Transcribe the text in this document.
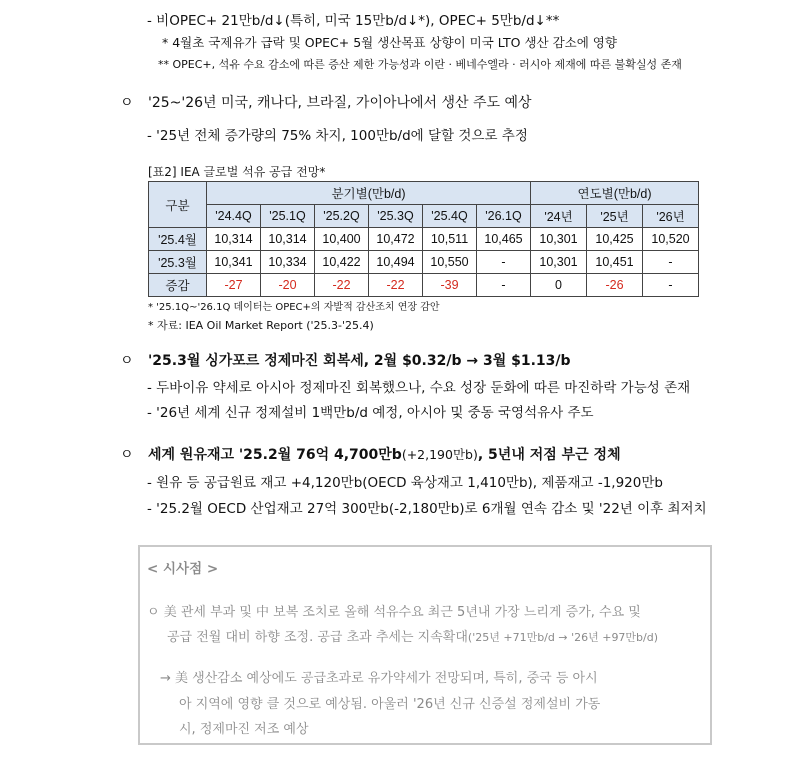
- 비OPEC+ 21만b/d↓(특히, 미국 15만b/d↓*), OPEC+ 5만b/d↓**
* 4월초 국제유가 급락 및 OPEC+ 5월 생산목표 상향이 미국 LTO 생산 감소에 영향
** OPEC+, 석유 수요 감소에 따른 증산 제한 가능성과 이란 · 베네수엘라 · 러시아 제재에 따른 불확실성 존재
ㅇ '25~'26년 미국, 캐나다, 브라질, 가이아나에서 생산 주도 예상
- '25년 전체 증가량의 75% 차지, 100만b/d에 달할 것으로 추정
[표2] IEA 글로벌 석유 공급 전망*
구분	분기별(만b/d)						연도별(만b/d)		
	'24.4Q	'25.1Q	'25.2Q	'25.3Q	'25.4Q	'26.1Q	'24년	'25년	'26년
'25.4월	10,314	10,314	10,400	10,472	10,511	10,465	10,301	10,425	10,520
'25.3월	10,341	10,334	10,422	10,494	10,550	-	10,301	10,451	-
증감	-27	-20	-22	-22	-39	-	0	-26	-
* '25.1Q~'26.1Q 데이터는 OPEC+의 자발적 감산조치 연장 감안
* 자료: IEA Oil Market Report ('25.3-'25.4)
ㅇ '25.3월 싱가포르 정제마진 회복세, 2월 $0.32/b → 3월 $1.13/b
- 두바이유 약세로 아시아 정제마진 회복했으나, 수요 성장 둔화에 따른 마진하락 가능성 존재
- '26년 세계 신규 정제설비 1백만b/d 예정, 아시아 및 중동 국영석유사 주도
ㅇ 세계 원유재고 '25.2월 76억 4,700만b(+2,190만b), 5년내 저점 부근 정체
- 원유 등 공급원료 재고 +4,120만b(OECD 육상재고 1,410만b), 제품재고 -1,920만b
- '25.2월 OECD 산업재고 27억 300만b(-2,180만b)로 6개월 연속 감소 및 '22년 이후 최저치
< 시사점 >
ㅇ 美 관세 부과 및 中 보복 조치로 올해 석유수요 최근 5년내 가장 느리게 증가, 수요 및
공급 전월 대비 하향 조정. 공급 초과 추세는 지속확대('25년 +71만b/d → '26년 +97만b/d)
→ 美 생산감소 예상에도 공급초과로 유가약세가 전망되며, 특히, 중국 등 아시
아 지역에 영향 클 것으로 예상됨. 아울러 '26년 신규 신증설 정제설비 가동
시, 정제마진 저조 예상
